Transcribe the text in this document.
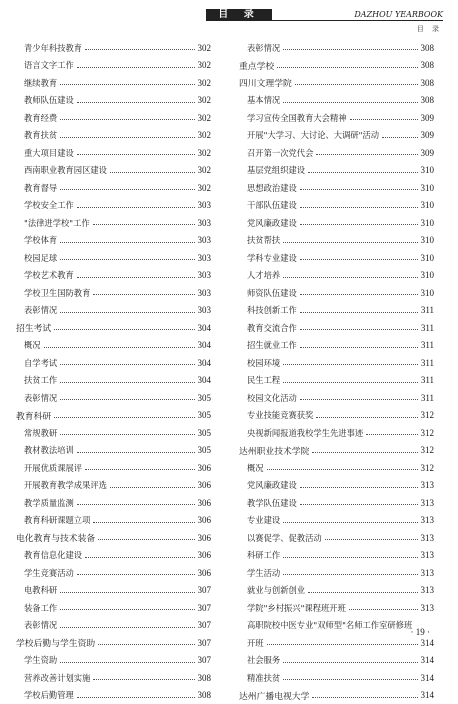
目 录	DAZHOU YEARBOOK
目 录
青少年科技教育	302
语言文字工作	302
继续教育	302
教师队伍建设	302
教育经费	302
教育扶贫	302
重大项目建设	302
西南职业教育园区建设	302
教育督导	302
学校安全工作	303
"法律进学校"工作	303
学校体育	303
校园足球	303
学校艺术教育	303
学校卫生国防教育	303
表彰情况	303
招生考试	304
概况	304
自学考试	304
扶贫工作	304
表彰情况	305
教育科研	305
常规教研	305
教材教法培训	305
开展优质课展评	306
开展教育教学成果评选	306
教学质量监测	306
教育科研课题立项	306
电化教育与技术装备	306
教育信息化建设	306
学生竞赛活动	306
电教科研	307
装备工作	307
表彰情况	307
学校后勤与学生资助	307
学生资助	307
营养改善计划实施	308
学校后勤管理	308
表彰情况	308
重点学校	308
四川文理学院	308
基本情况	308
学习宣传全国教育大会精神	309
开展"大学习、大讨论、大调研"活动	309
召开第一次党代会	309
基层党组织建设	310
思想政治建设	310
干部队伍建设	310
党风廉政建设	310
扶贫帮扶	310
学科专业建设	310
人才培养	310
师资队伍建设	310
科技创新工作	311
教育交流合作	311
招生就业工作	311
校园环境	311
民生工程	311
校园文化活动	311
专业技能竞赛获奖	312
央视新闻报道我校学生先进事迹	312
达州职业技术学院	312
概况	312
党风廉政建设	313
教学队伍建设	313
专业建设	313
以赛促学、促教活动	313
科研工作	313
学生活动	313
就业与创新创业	313
学院"乡村振兴"课程班开班	313
高职院校中医专业"双师型"名师工作室研修班
开班	314
社会服务	314
精准扶贫	314
达州广播电视大学	314
· 19 ·
